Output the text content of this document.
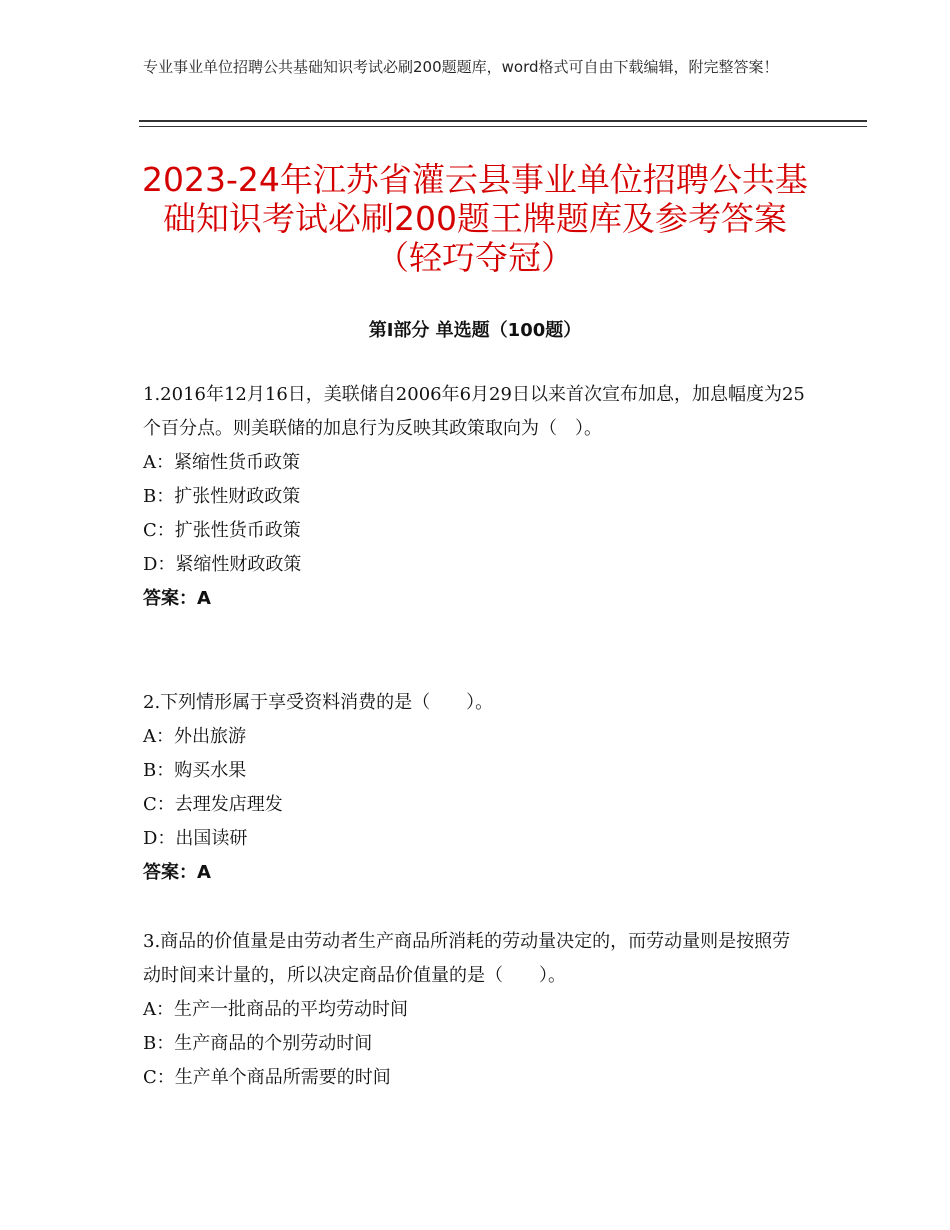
专业事业单位招聘公共基础知识考试必刷200题题库，word格式可自由下载编辑，附完整答案！
2023-24年江苏省灌云县事业单位招聘公共基础知识考试必刷200题王牌题库及参考答案（轻巧夺冠）
第Ⅰ部分 单选题（100题）
1.2016年12月16日，美联储自2006年6月29日以来首次宣布加息，加息幅度为25个百分点。则美联储的加息行为反映其政策取向为（　）。
A：紧缩性货币政策
B：扩张性财政政策
C：扩张性货币政策
D：紧缩性财政政策
答案：A
2.下列情形属于享受资料消费的是（　　）。
A：外出旅游
B：购买水果
C：去理发店理发
D：出国读研
答案：A
3.商品的价值量是由劳动者生产商品所消耗的劳动量决定的，而劳动量则是按照劳动时间来计量的，所以决定商品价值量的是（　　）。
A：生产一批商品的平均劳动时间
B：生产商品的个别劳动时间
C：生产单个商品所需要的时间
